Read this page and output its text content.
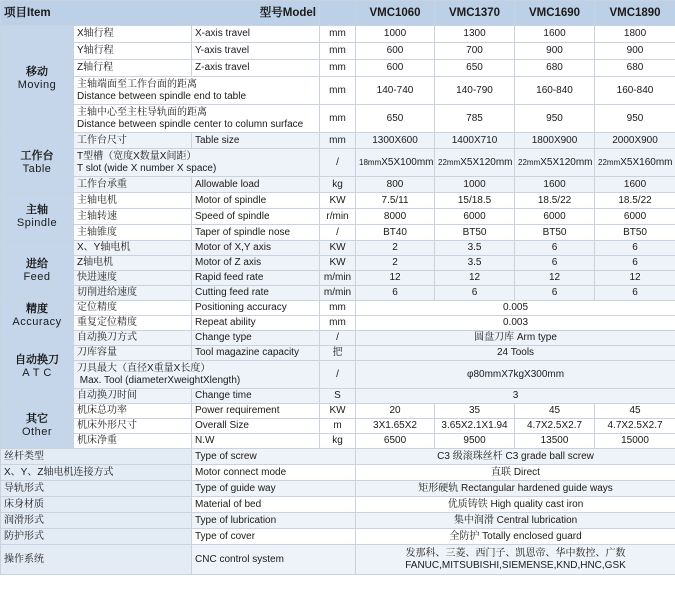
项目Item 型号Model				VMC1060	VMC1370	VMC1690	VMC1890
移动
Moving	X轴行程	X-axis travel	mm	1000	1300	1600	1800
	Y轴行程	Y-axis travel	mm	600	700	900	900
	Z轴行程	Z-axis travel	mm	600	650	680	680
	主轴端面至工作台面的距离
Distance between spindle end to table		mm	140-740	140-790	160-840	160-840
	主轴中心至主柱导轨面的距离
Distance between spindle center to column surface		mm	650	785	950	950
工作台
Table	工作台尺寸	Table size	mm	1300X600	1400X710	1800X900	2000X900
	T型槽（宽度X数量X间距）
T slot (wide X number X space)		/	18mmX5X100mm	22mmX5X120mm	22mmX5X120mm	22mmX5X160mm
	工作台承重	Allowable load	kg	800	1000	1600	1600
主轴
Spindle	主轴电机	Motor of spindle	KW	7.5/11	15/18.5	18.5/22	18.5/22
	主轴转速	Speed of spindle	r/min	8000	6000	6000	6000
	主轴锥度	Taper of spindle nose	/	BT40	BT50	BT50	BT50
进给
Feed	X、Y轴电机	Motor of X,Y axis	KW	2	3.5	6	6
	Z轴电机	Motor of Z axis	KW	2	3.5	6	6
	快进速度	Rapid feed rate	m/min	12	12	12	12
	切削进给速度	Cutting feed rate	m/min	6	6	6	6
精度
Accuracy	定位精度	Positioning accuracy	mm	0.005			
	重复定位精度	Repeat ability	mm	0.003			
自动换刀
A T C	自动换刀方式	Change type	/	圆盘刀库 Arm type			
	刀库容量	Tool magazine capacity	把	24 Tools			
	刀具最大（直径X重量X长度）
Max. Tool (diameterXweightXlength)		/	φ80mmX7kgX300mm			
	自动换刀时间	Change time	S	3			
其它
Other	机床总功率	Power requirement	KW	20	35	45	45
	机床外形尺寸	Overall Size	m	3X1.65X2	3.65X2.1X1.94	4.7X2.5X2.7	4.7X2.5X2.7
	机床净重	N.W	kg	6500	9500	13500	15000
丝杆类型		Type of screw		C3 级滚珠丝杆 C3 grade ball screw			
X、Y、Z轴电机连接方式		Motor connect mode		直联 Direct			
导轨形式		Type of guide way		矩形硬轨 Rectangular hardened guide ways			
床身材质		Material of bed		优质铸铁 High quality cast iron			
润滑形式		Type of lubrication		集中润滑 Central lubrication			
防护形式		Type of cover		全防护 Totally enclosed guard			
操作系统		CNC control system		发那科、三菱、西门子、凯恩帝、华中数控、广数
FANUC,MITSUBISHI,SIEMENSE,KND,HNC,GSK			
